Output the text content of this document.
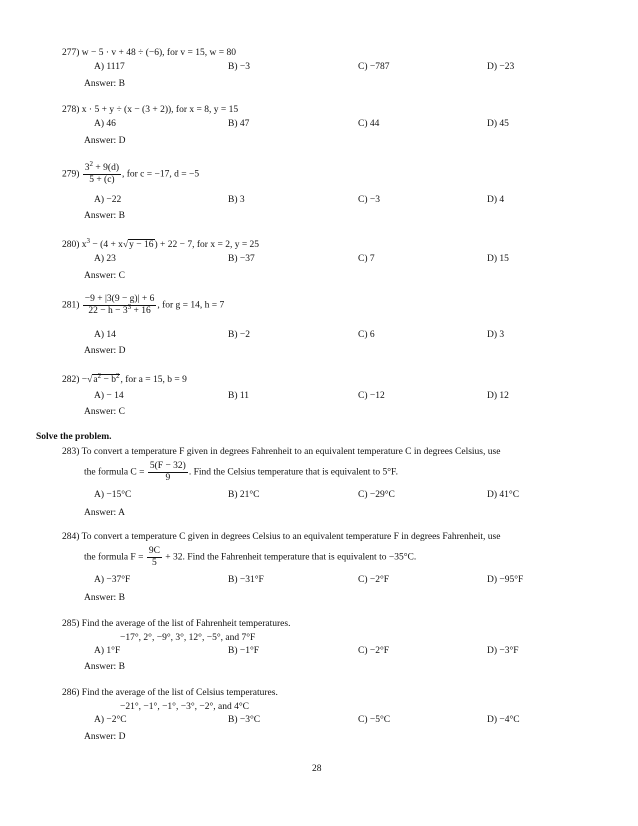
277) w − 5 · v + 48 ÷ (−6), for v = 15, w = 80
A) 1117	B) −3	C) −787	D) −23
Answer: B
278) x · 5 + y ÷ (x − (3 + 2)), for x = 8, y = 15
A) 46	B) 47	C) 44	D) 45
Answer: D
$279) \frac{3^2 + 9(d)}{5 + (c)}$ , for c = −17, d = −5
A) −22	B) 3	C) −3	D) 4
Answer: B
280) $x^3 - (4 + x√y - 16) + 22 - 7$, for x = 2, y = 25
A) 23	B) −37	C) 7	D) 15
Answer: C
$281) \frac{-9 + |3(9 - g)| + 6}{22 - h - 3^3 + 16}$ , for g = 14, h = 7
A) 14	B) −2	C) 6	D) 3
Answer: D
$282) -√a^2 - b^2$, for a = 15, b = 9
A) − 14	B) 11	C) −12	D) 12
Answer: C
Solve the problem.
283) To convert a temperature F given in degrees Fahrenheit to an equivalent temperature C in degrees Celsius, use
the formula $C = \frac{5(F - 32)}{9}$ . Find the Celsius temperature that is equivalent to 5°F.
A) −15°C	B) 21°C	C) −29°C	D) 41°C
Answer: A
284) To convert a temperature C given in degrees Celsius to an equivalent temperature F in degrees Fahrenheit, use
the formula $F = \frac{9C}{5} + 32$. Find the Fahrenheit temperature that is equivalent to −35°C.
A) −37°F	B) −31°F	C) −2°F	D) −95°F
Answer: B
285) Find the average of the list of Fahrenheit temperatures.
−17°, 2°, −9°, 3°, 12°, −5°, and 7°F
A) 1°F	B) −1°F	C) −2°F	D) −3°F
Answer: B
286) Find the average of the list of Celsius temperatures.
−21°, −1°, −1°, −3°, −2°, and 4°C
A) −2°C	B) −3°C	C) −5°C	D) −4°C
Answer: D
28
